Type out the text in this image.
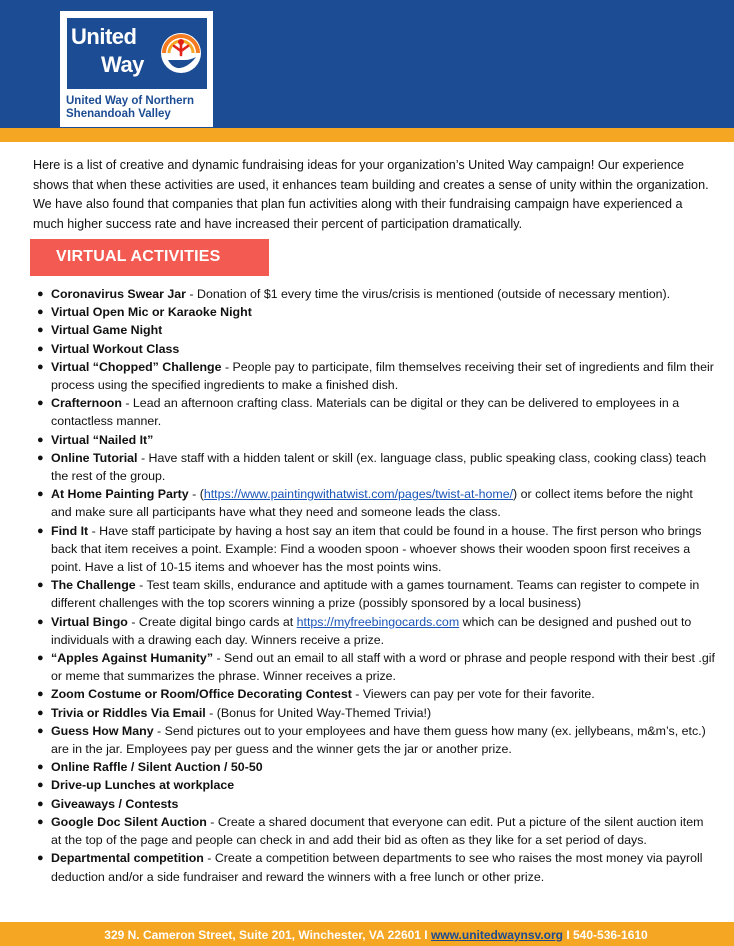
United
Way
United Way of Northern Shenandoah Valley

Here is a list of creative and dynamic fundraising ideas for your organization’s United Way campaign! Our experience shows that when these activities are used, it enhances team building and creates a sense of unity within the organization. We have also found that companies that plan fun activities along with their fundraising campaign have experienced a much higher success rate and have increased their percent of participation dramatically.

VIRTUAL ACTIVITIES
● Coronavirus Swear Jar - Donation of $1 every time the virus/crisis is mentioned (outside of necessary mention).
● Virtual Open Mic or Karaoke Night
● Virtual Game Night
● Virtual Workout Class
● Virtual “Chopped” Challenge - People pay to participate, film themselves receiving their set of ingredients and film their process using the specified ingredients to make a finished dish.
● Crafternoon - Lead an afternoon crafting class. Materials can be digital or they can be delivered to employees in a contactless manner.
● Virtual “Nailed It”
● Online Tutorial - Have staff with a hidden talent or skill (ex. language class, public speaking class, cooking class) teach the rest of the group.
● At Home Painting Party - (https://www.paintingwithatwist.com/pages/twist-at-home/) or collect items before the night and make sure all participants have what they need and someone leads the class.
● Find It - Have staff participate by having a host say an item that could be found in a house. The first person who brings back that item receives a point. Example: Find a wooden spoon - whoever shows their wooden spoon first receives a point. Have a list of 10-15 items and whoever has the most points wins.
● The Challenge - Test team skills, endurance and aptitude with a games tournament. Teams can register to compete in different challenges with the top scorers winning a prize (possibly sponsored by a local business)
● Virtual Bingo - Create digital bingo cards at https://myfreebingocards.com which can be designed and pushed out to individuals with a drawing each day. Winners receive a prize.
● “Apples Against Humanity” - Send out an email to all staff with a word or phrase and people respond with their best .gif or meme that summarizes the phrase. Winner receives a prize.
● Zoom Costume or Room/Office Decorating Contest - Viewers can pay per vote for their favorite.
● Trivia or Riddles Via Email - (Bonus for United Way-Themed Trivia!)
● Guess How Many - Send pictures out to your employees and have them guess how many (ex. jellybeans, m&m’s, etc.) are in the jar. Employees pay per guess and the winner gets the jar or another prize.
● Online Raffle / Silent Auction / 50-50
● Drive-up Lunches at workplace
● Giveaways / Contests
● Google Doc Silent Auction - Create a shared document that everyone can edit. Put a picture of the silent auction item at the top of the page and people can check in and add their bid as often as they like for a set period of days.
● Departmental competition - Create a competition between departments to see who raises the most money via payroll deduction and/or a side fundraiser and reward the winners with a free lunch or other prize.
329 N. Cameron Street, Suite 201, Winchester, VA 22601 I www.unitedwaynsv.org I 540-536-1610
